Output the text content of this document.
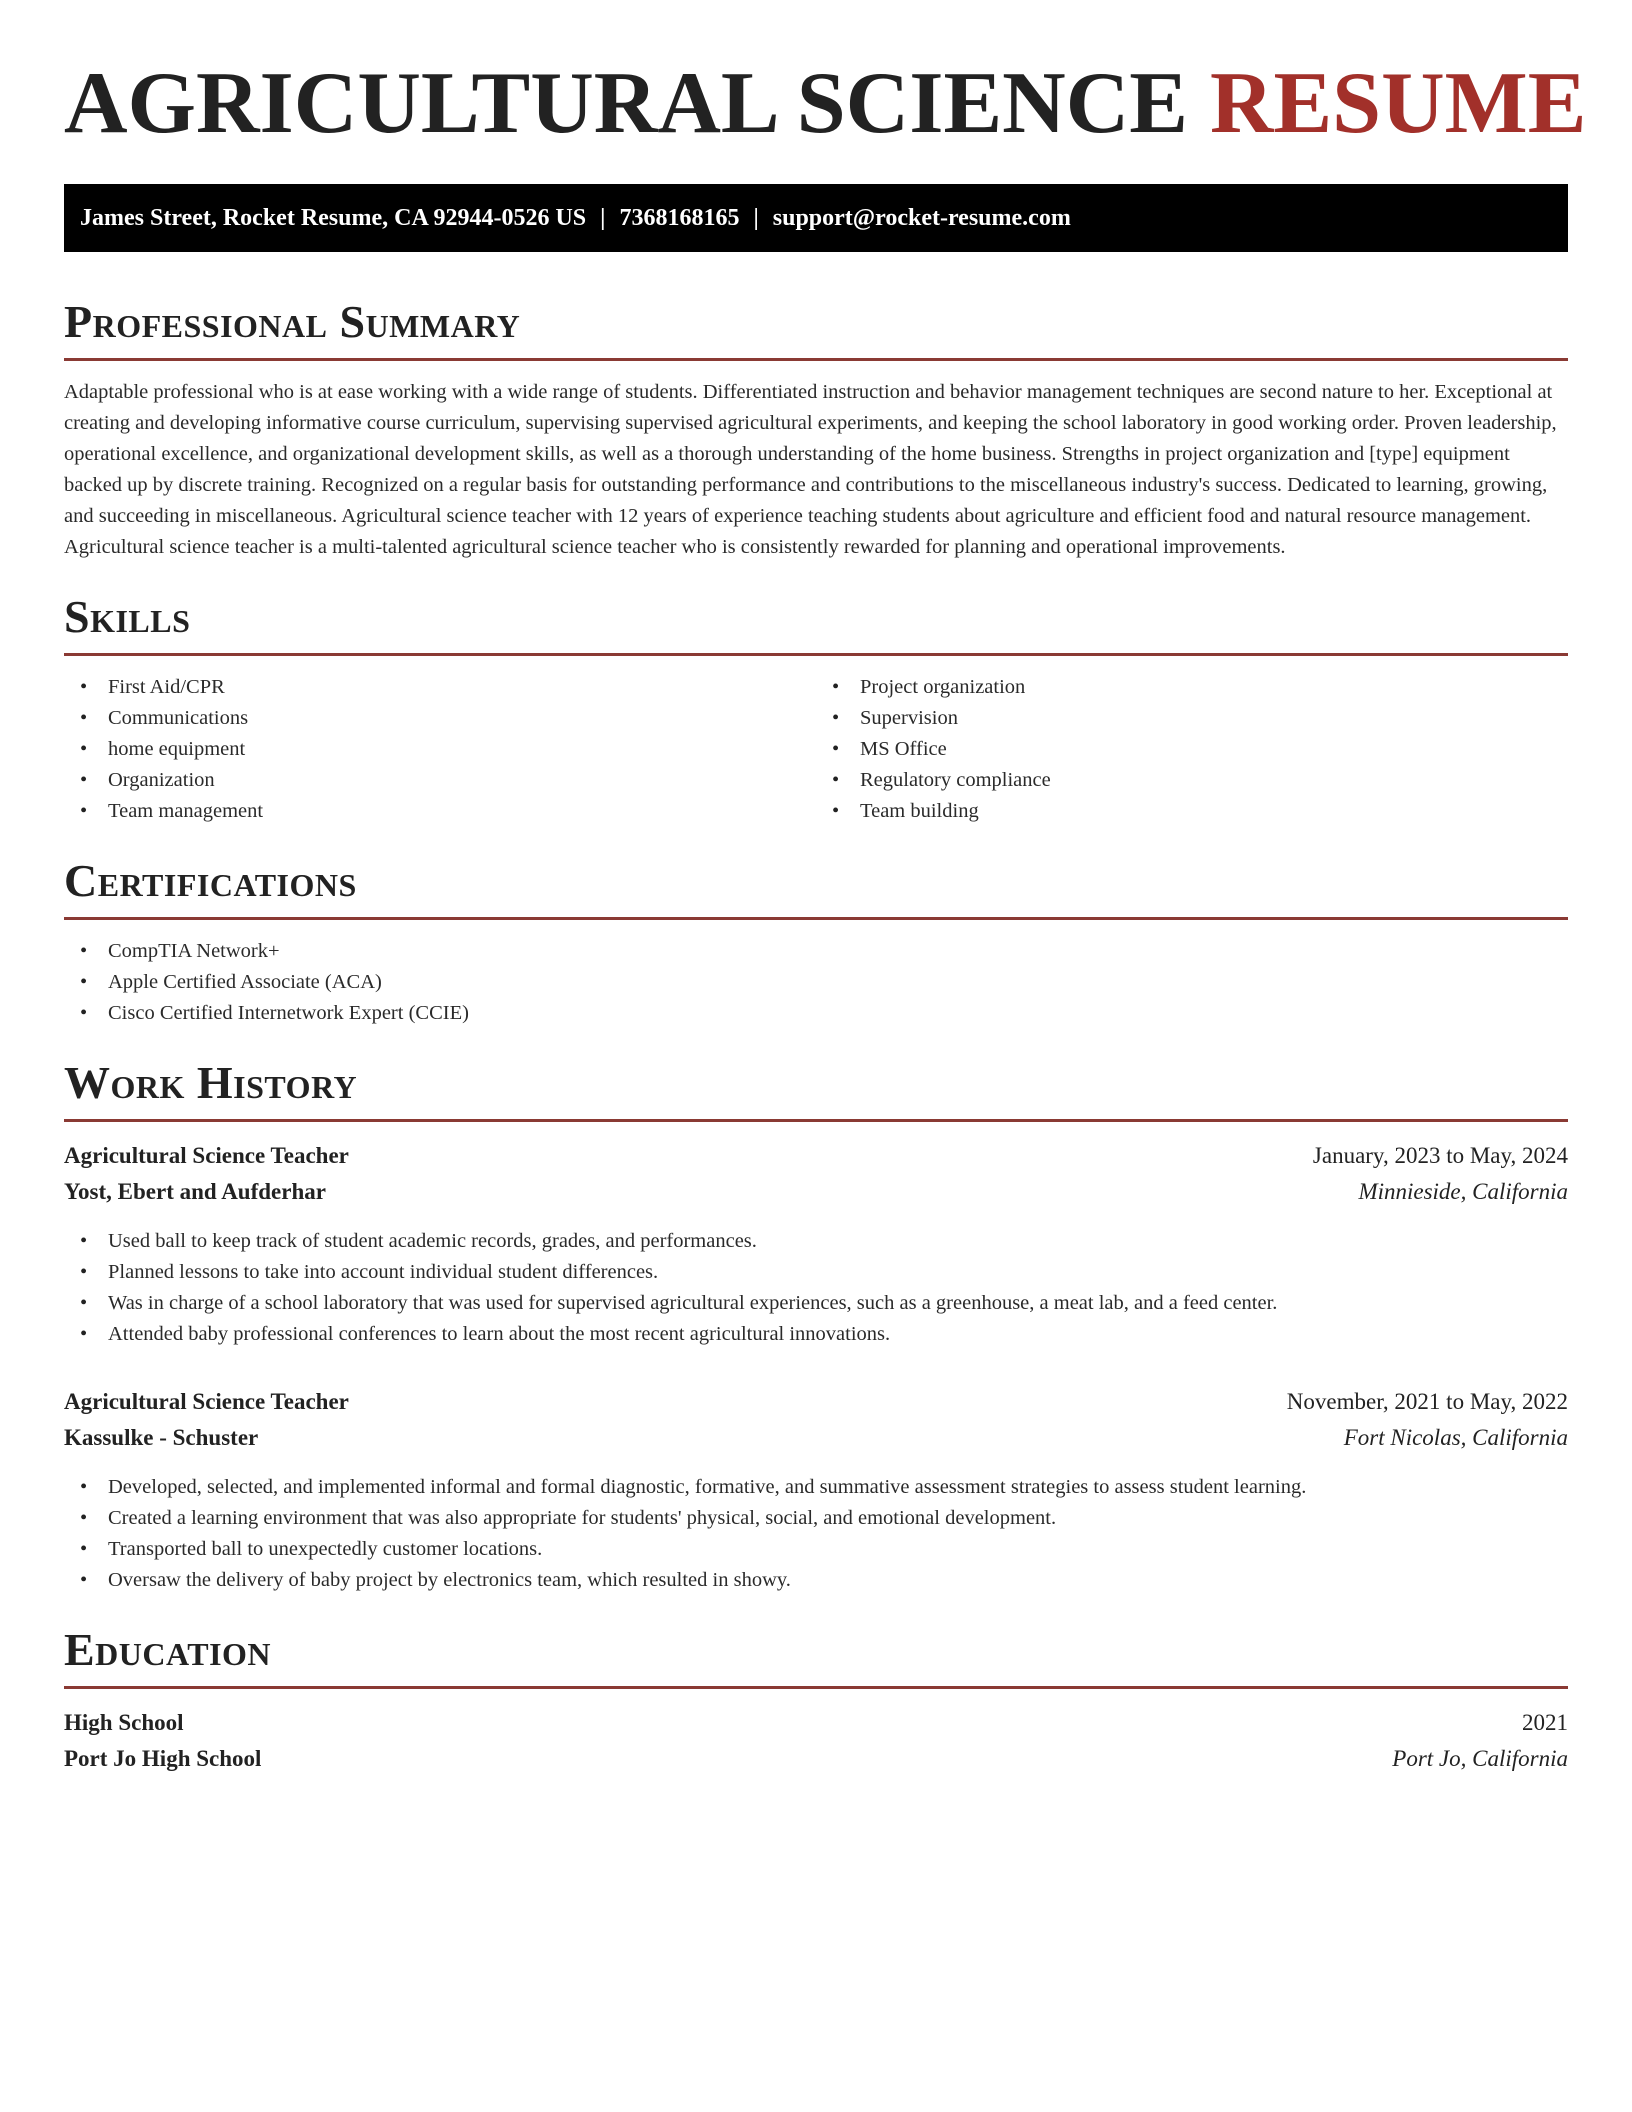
AGRICULTURAL SCIENCE RESUME
James Street, Rocket Resume, CA 92944-0526 US | 7368168165 | support@rocket-resume.com
Professional Summary

Adaptable professional who is at ease working with a wide range of students. Differentiated instruction and behavior management techniques are second nature to her. Exceptional at creating and developing informative course curriculum, supervising supervised agricultural experiments, and keeping the school laboratory in good working order. Proven leadership, operational excellence, and organizational development skills, as well as a thorough understanding of the home business. Strengths in project organization and [type] equipment backed up by discrete training. Recognized on a regular basis for outstanding performance and contributions to the miscellaneous industry's success. Dedicated to learning, growing, and succeeding in miscellaneous. Agricultural science teacher with 12 years of experience teaching students about agriculture and efficient food and natural resource management. Agricultural science teacher is a multi-talented agricultural science teacher who is consistently rewarded for planning and operational improvements.

Skills
• First Aid/CPR
• Communications
• home equipment
• Organization
• Team management
• Project organization
• Supervision
• MS Office
• Regulatory compliance
• Team building
Certifications
• CompTIA Network+
• Apple Certified Associate (ACA)
• Cisco Certified Internetwork Expert (CCIE)
Work History
Agricultural Science Teacher	January, 2023 to May, 2024
Yost, Ebert and Aufderhar	Minnieside, California
• Used ball to keep track of student academic records, grades, and performances.
• Planned lessons to take into account individual student differences.
• Was in charge of a school laboratory that was used for supervised agricultural experiences, such as a greenhouse, a meat lab, and a feed center.
• Attended baby professional conferences to learn about the most recent agricultural innovations.
Agricultural Science Teacher	November, 2021 to May, 2022
Kassulke - Schuster	Fort Nicolas, California
• Developed, selected, and implemented informal and formal diagnostic, formative, and summative assessment strategies to assess student learning.
• Created a learning environment that was also appropriate for students' physical, social, and emotional development.
• Transported ball to unexpectedly customer locations.
• Oversaw the delivery of baby project by electronics team, which resulted in showy.
Education
High School	2021
Port Jo High School	Port Jo, California
